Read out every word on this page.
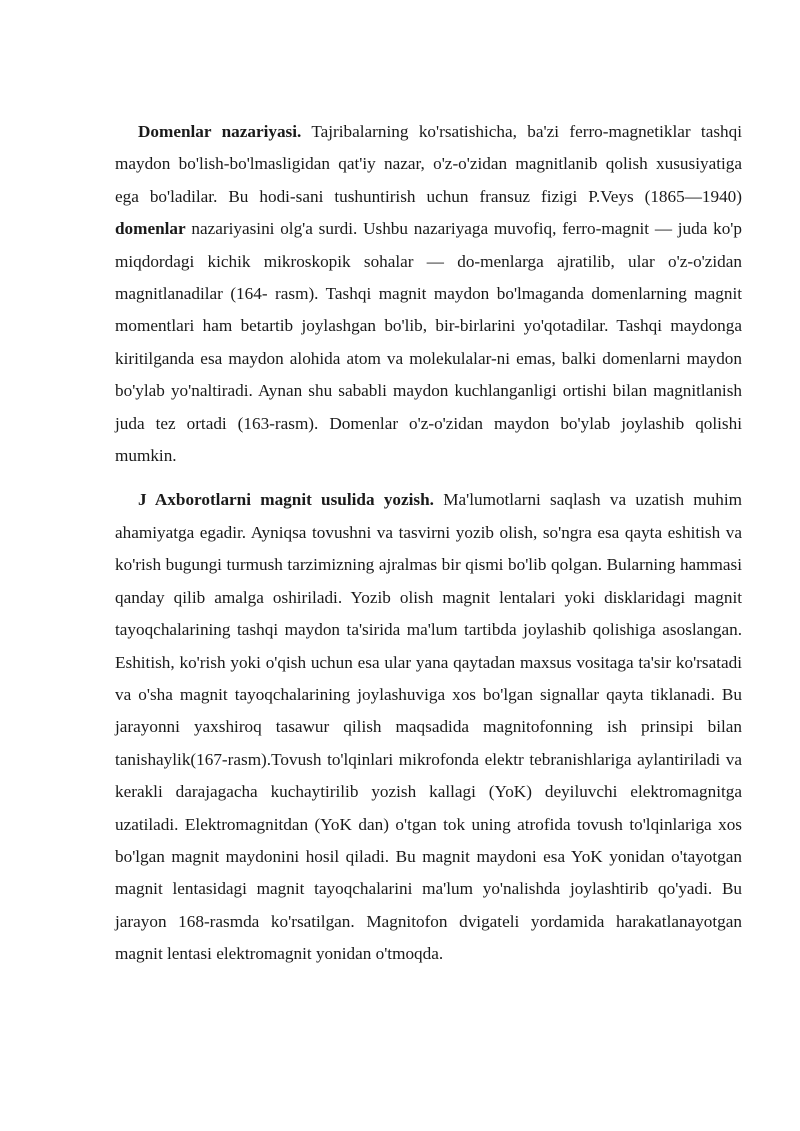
Domenlar nazariyasi. Tajribalarning ko'rsatishicha, ba'zi ferro-magnetiklar tashqi maydon bo'lish-bo'lmasligidan qat'iy nazar, o'z-o'zidan magnitlanib qolish xususiyatiga ega bo'ladilar. Bu hodi-sani tushuntirish uchun fransuz fizigi P.Veys (1865—1940) domenlar nazariyasini olg'a surdi. Ushbu nazariyaga muvofiq, ferro-magnit — juda ko'p miqdordagi kichik mikroskopik sohalar — do-menlarga ajratilib, ular o'z-o'zidan magnitlanadilar (164- rasm). Tashqi magnit maydon bo'lmaganda domenlarning magnit momentlari ham betartib joylashgan bo'lib, bir-birlarini yo'qotadilar. Tashqi maydonga kiritilganda esa maydon alohida atom va molekulalar-ni emas, balki domenlarni maydon bo'ylab yo'naltiradi. Aynan shu sababli maydon kuchlanganligi ortishi bilan magnitlanish juda tez ortadi (163-rasm). Domenlar o'z-o'zidan maydon bo'ylab joylashib qolishi mumkin.

J Axborotlarni magnit usulida yozish. Ma'lumotlarni saqlash va uzatish muhim ahamiyatga egadir. Ayniqsa tovushni va tasvirni yozib olish, so'ngra esa qayta eshitish va ko'rish bugungi turmush tarzimizning ajralmas bir qismi bo'lib qolgan. Bularning hammasi qanday qilib amalga oshiriladi. Yozib olish magnit lentalari yoki disklaridagi magnit tayoqchalarining tashqi maydon ta'sirida ma'lum tartibda joylashib qolishiga asoslangan. Eshitish, ko'rish yoki o'qish uchun esa ular yana qaytadan maxsus vositaga ta'sir ko'rsatadi va o'sha magnit tayoqchalarining joylashuviga xos bo'lgan signallar qayta tiklanadi. Bu jarayonni yaxshiroq tasawur qilish maqsadida magnitofonning ish prinsipi bilan tanishaylik(167-rasm).Tovush to'lqinlari mikrofonda elektr tebranishlariga aylantiriladi va kerakli darajagacha kuchaytirilib yozish kallagi (YoK) deyiluvchi elektromagnitga uzatiladi. Elektromagnitdan (YoK dan) o'tgan tok uning atrofida tovush to'lqinlariga xos bo'lgan magnit maydonini hosil qiladi. Bu magnit maydoni esa YoK yonidan o'tayotgan magnit lentasidagi magnit tayoqchalarini ma'lum yo'nalishda joylashtirib qo'yadi. Bu jarayon 168-rasmda ko'rsatilgan. Magnitofon dvigateli yordamida harakatlanayotgan magnit lentasi elektromagnit yonidan o'tmoqda.
